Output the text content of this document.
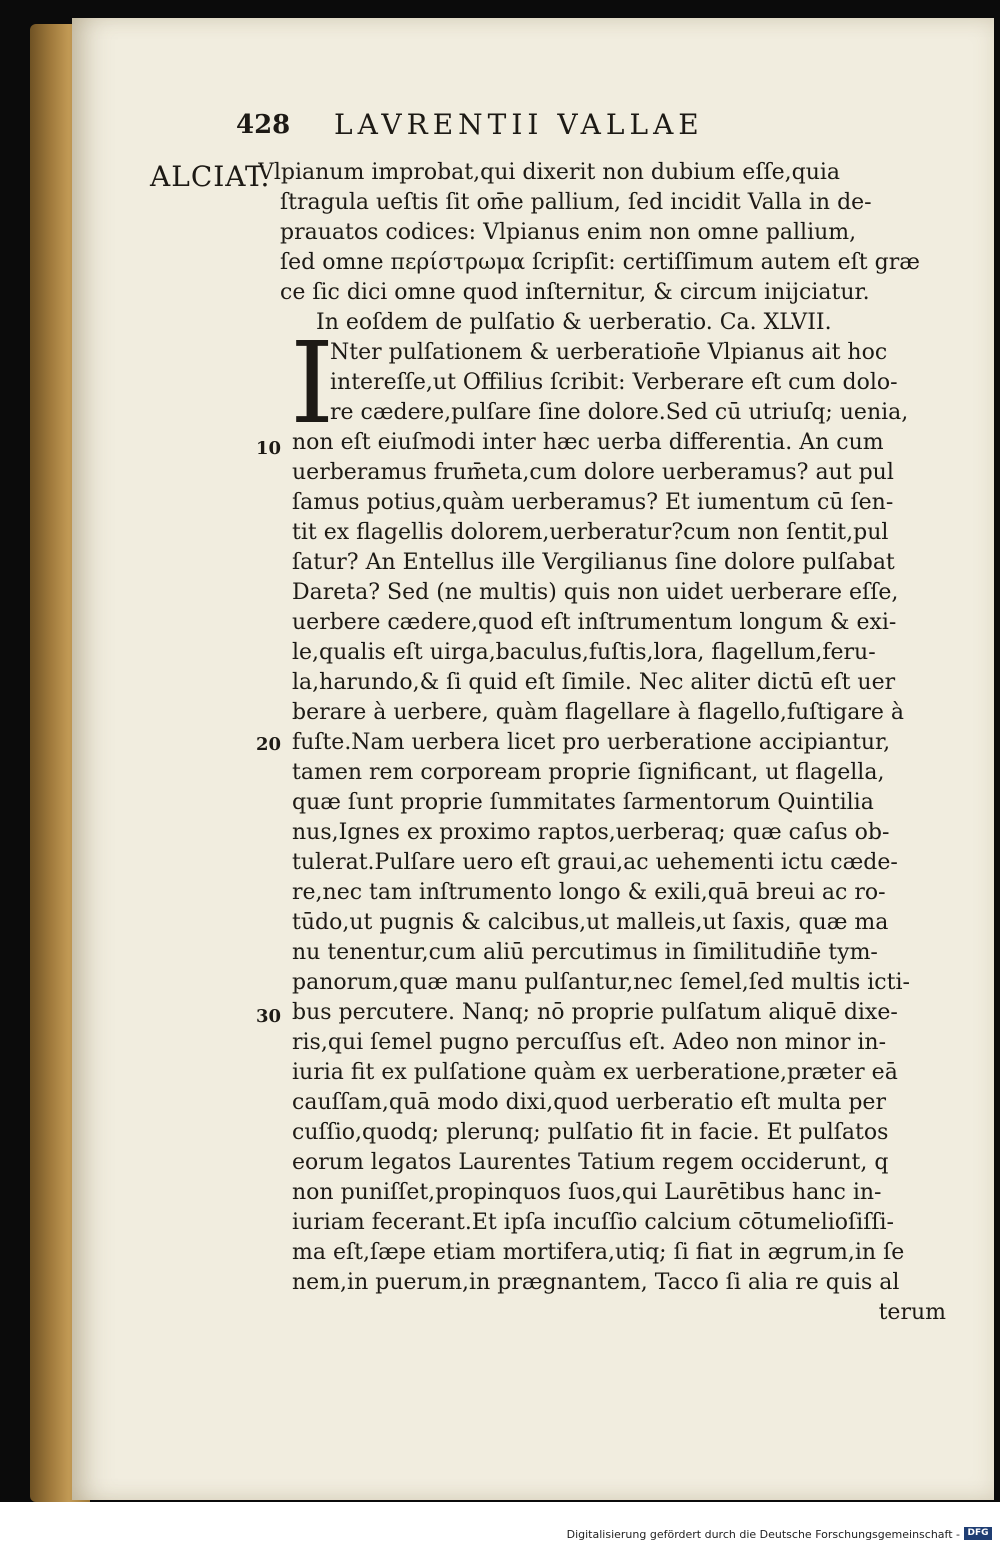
428 LAVRENTII VALLAE
ALCIAT.
10
20
30
Vlpianum improbat,qui dixerit non dubium eſſe,quia
ſtragula ueſtis ſit om̄e pallium, ſed incidit Valla in de-
prauatos codices: Vlpianus enim non omne pallium,
ſed omne περίστρωμα ſcripſit: certiſſimum autem eſt græ
ce ſic dici omne quod inſternitur, & circum inijciatur.
In eoſdem de pulſatio & uerberatio. Ca. XLVII.
I
Nter pulſationem & uerberation̄e Vlpianus ait hoc
intereſſe,ut Offilius ſcribit: Verberare eſt cum dolo-
re cædere,pulſare ſine dolore.Sed cū utriuſq; uenia,
non eſt eiuſmodi inter hæc uerba differentia. An cum
uerberamus frum̄eta,cum dolore uerberamus? aut pul
ſamus potius,quàm uerberamus? Et iumentum cū ſen-
tit ex flagellis dolorem,uerberatur?cum non ſentit,pul
ſatur? An Entellus ille Vergilianus ſine dolore pulſabat
Dareta? Sed (ne multis) quis non uidet uerberare eſſe,
uerbere cædere,quod eſt inſtrumentum longum & exi-
le,qualis eſt uirga,baculus,fuſtis,lora, flagellum,feru-
la,harundo,& ſi quid eſt ſimile. Nec aliter dictū eſt uer
berare à uerbere, quàm flagellare à flagello,fuſtigare à
fuſte.Nam uerbera licet pro uerberatione accipiantur,
tamen rem corpoream proprie ſignificant, ut flagella,
quæ ſunt proprie ſummitates ſarmentorum Quintilia
nus,Ignes ex proximo raptos,uerberaq; quæ caſus ob-
tulerat.Pulſare uero eſt graui,ac uehementi ictu cæde-
re,nec tam inſtrumento longo & exili,quā breui ac ro-
tūdo,ut pugnis & calcibus,ut malleis,ut ſaxis, quæ ma
nu tenentur,cum aliū percutimus in ſimilitudin̄e tym-
panorum,quæ manu pulſantur,nec ſemel,ſed multis icti-
bus percutere. Nanq; nō proprie pulſatum aliquē dixe-
ris,qui ſemel pugno percuſſus eſt. Adeo non minor in-
iuria fit ex pulſatione quàm ex uerberatione,præter eā
cauſſam,quā modo dixi,quod uerberatio eſt multa per
cuſſio,quodq; plerunq; pulſatio fit in facie. Et pulſatos
eorum legatos Laurentes Tatium regem occiderunt, q
non puniſſet,propinquos ſuos,qui Laurētibus hanc in-
iuriam fecerant.Et ipſa incuſſio calcium cōtumelioſiſſi-
ma eſt,ſæpe etiam mortifera,utiq; ſi fiat in ægrum,in ſe
nem,in puerum,in prægnantem, Tacco ſi alia re quis al
terum
Digitalisierung gefördert durch die Deutsche Forschungsgemeinschaft - DFG
